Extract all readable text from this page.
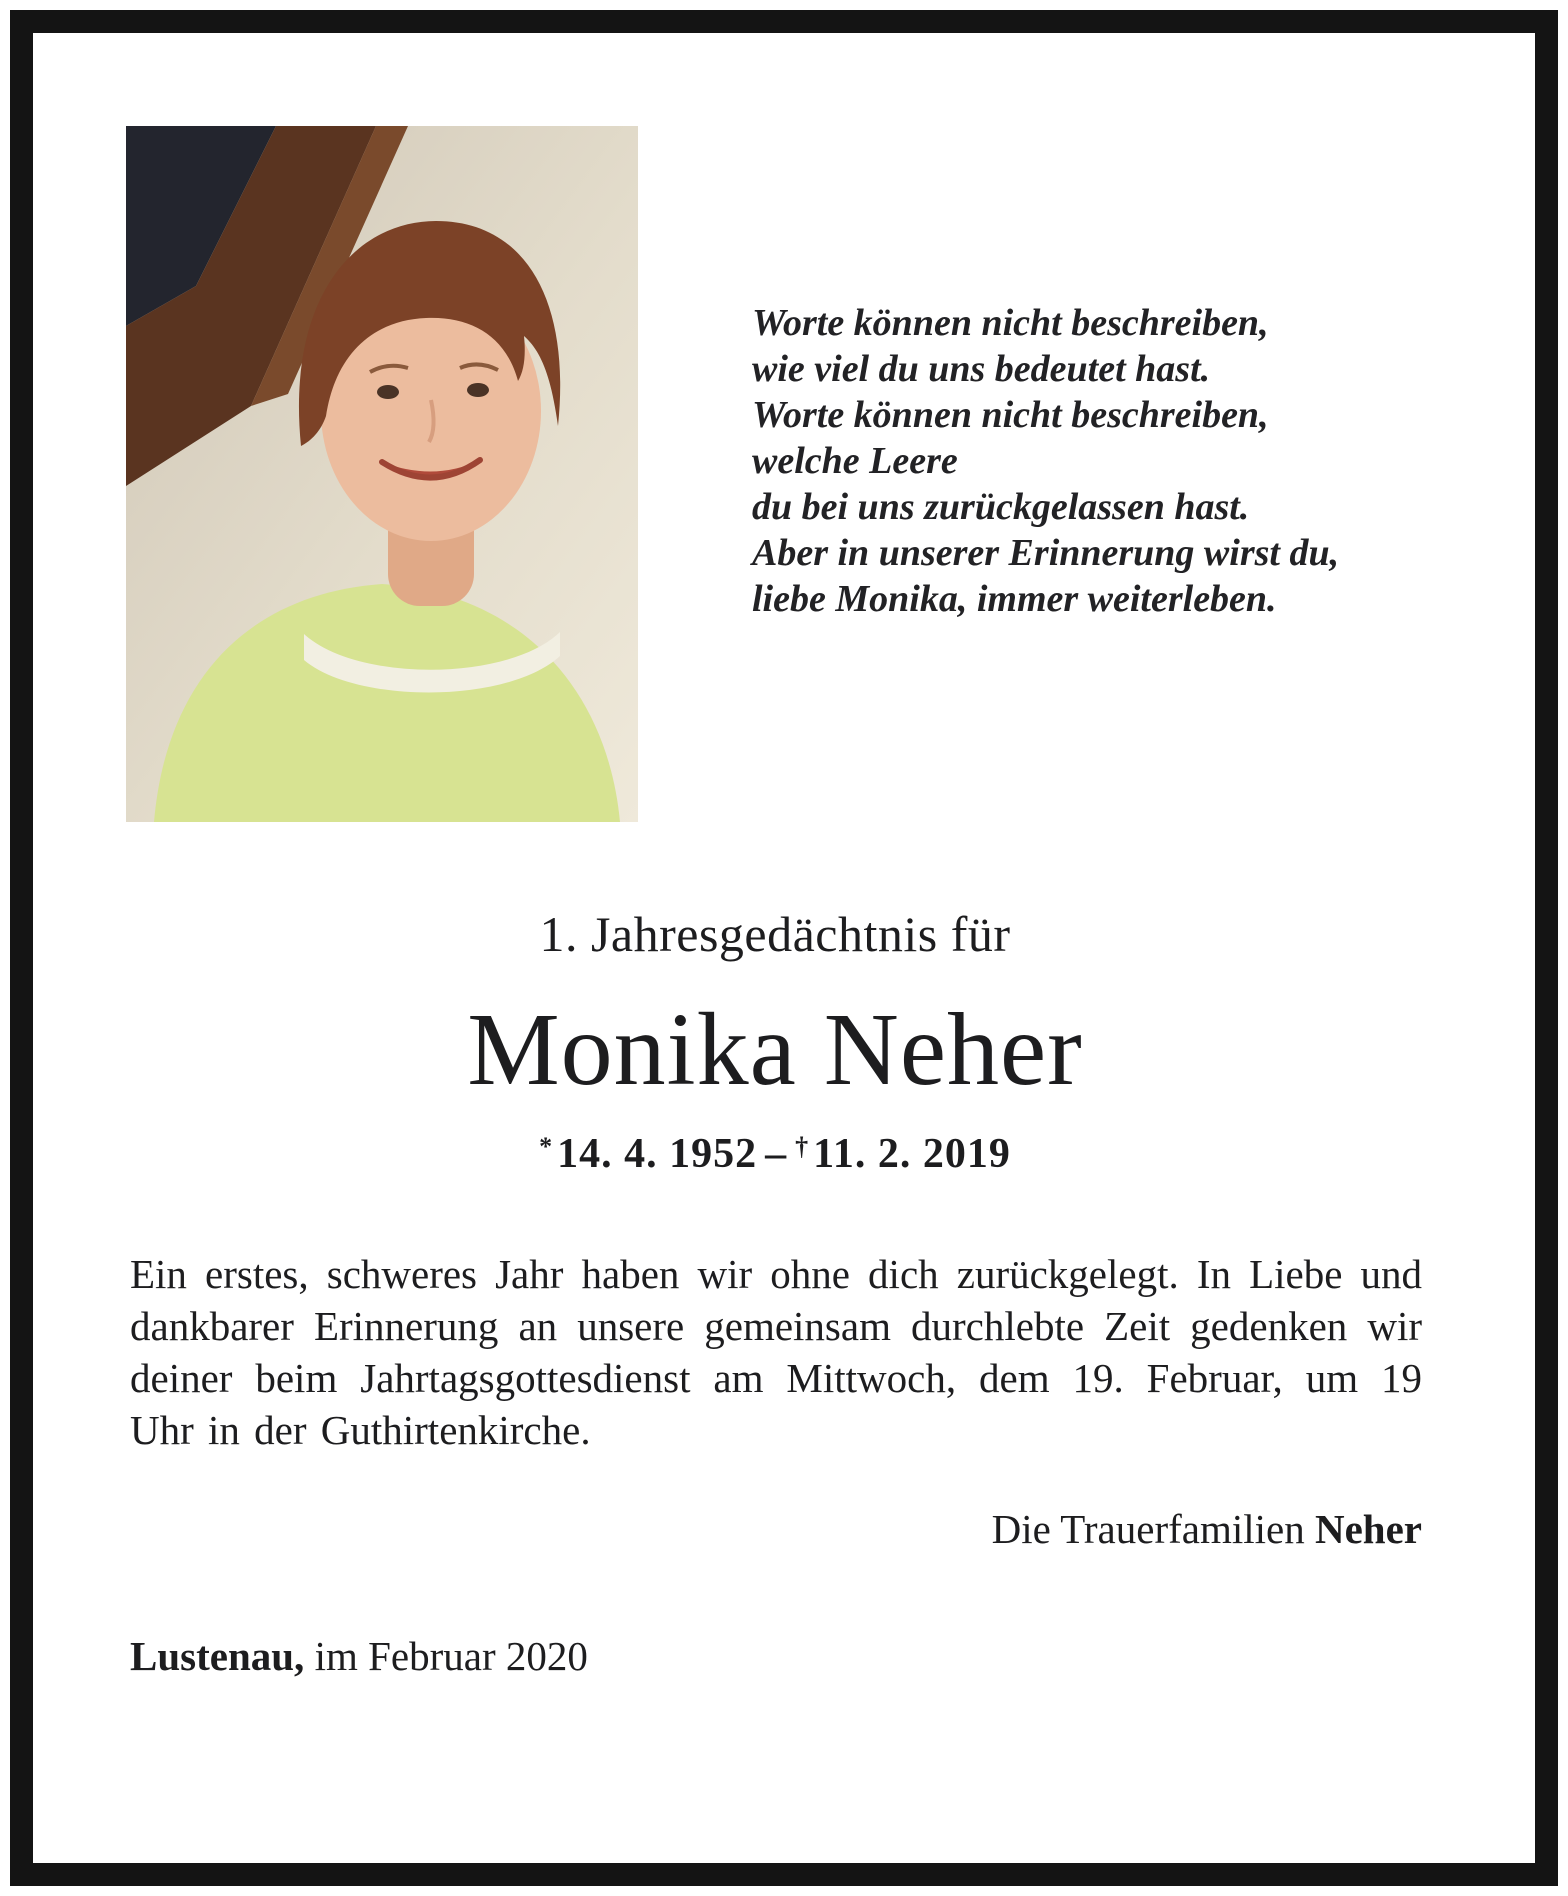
Worte können nicht beschreiben,
wie viel du uns bedeutet hast.
Worte können nicht beschreiben,
welche Leere
du bei uns zurückgelassen hast.
Aber in unserer Erinnerung wirst du,
liebe Monika, immer weiterleben.
1. Jahresgedächtnis für
Monika Neher
*14. 4. 1952 – †11. 2. 2019
Ein erstes, schweres Jahr haben wir ohne dich zurückgelegt. In Liebe und dankbarer Erinnerung an unsere gemeinsam durchlebte Zeit gedenken wir deiner beim Jahrtagsgottesdienst am Mittwoch, dem 19. Februar, um 19 Uhr in der Guthirtenkirche.
Die Trauerfamilien Neher
Lustenau, im Februar 2020
